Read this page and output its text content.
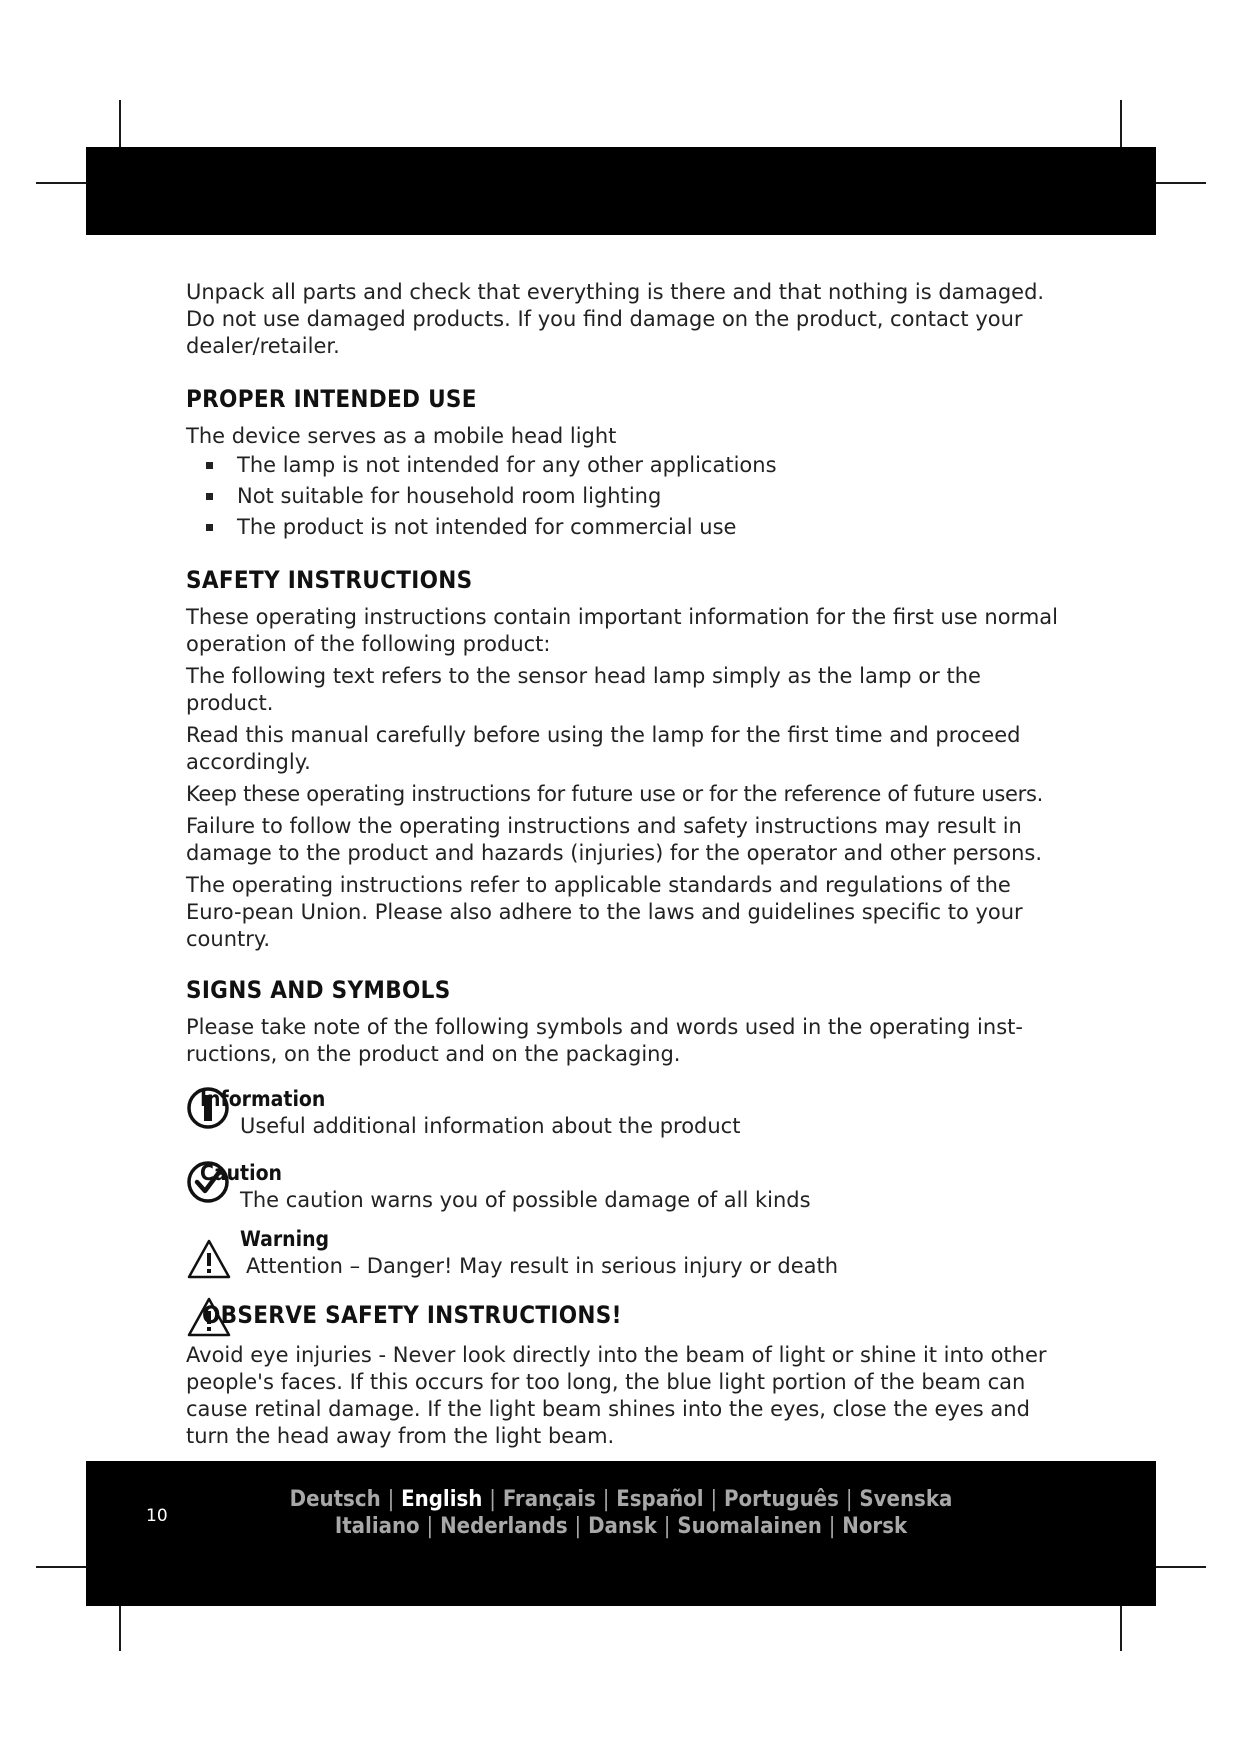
Unpack all parts and check that everything is there and that nothing is damaged. Do not use damaged products. If you find damage on the product, contact your dealer/retailer.

PROPER INTENDED USE

The device serves as a mobile head light

The lamp is not intended for any other applications
Not suitable for household room lighting
The product is not intended for commercial use
SAFETY INSTRUCTIONS

These operating instructions contain important information for the first use normal operation of the following product:

The following text refers to the sensor head lamp simply as the lamp or the product.

Read this manual carefully before using the lamp for the first time and proceed accordingly.

Keep these operating instructions for future use or for the reference of future users.

Failure to follow the operating instructions and safety instructions may result in damage to the product and hazards (injuries) for the operator and other persons.

The operating instructions refer to applicable standards and regulations of the Euro-pean Union. Please also adhere to the laws and guidelines specific to your country.

SIGNS AND SYMBOLS

Please take note of the following symbols and words used in the operating inst-ructions, on the product and on the packaging.

Information
Useful additional information about the product
Caution
The caution warns you of possible damage of all kinds
Warning
Attention – Danger! May result in serious injury or death
OBSERVE SAFETY INSTRUCTIONS!

Avoid eye injuries - Never look directly into the beam of light or shine it into other people's faces. If this occurs for too long, the blue light portion of the beam can cause retinal damage. If the light beam shines into the eyes, close the eyes and turn the head away from the light beam.

10
Deutsch | English | Français | Español | Português | Svenska
Italiano | Nederlands | Dansk | Suomalainen | Norsk
